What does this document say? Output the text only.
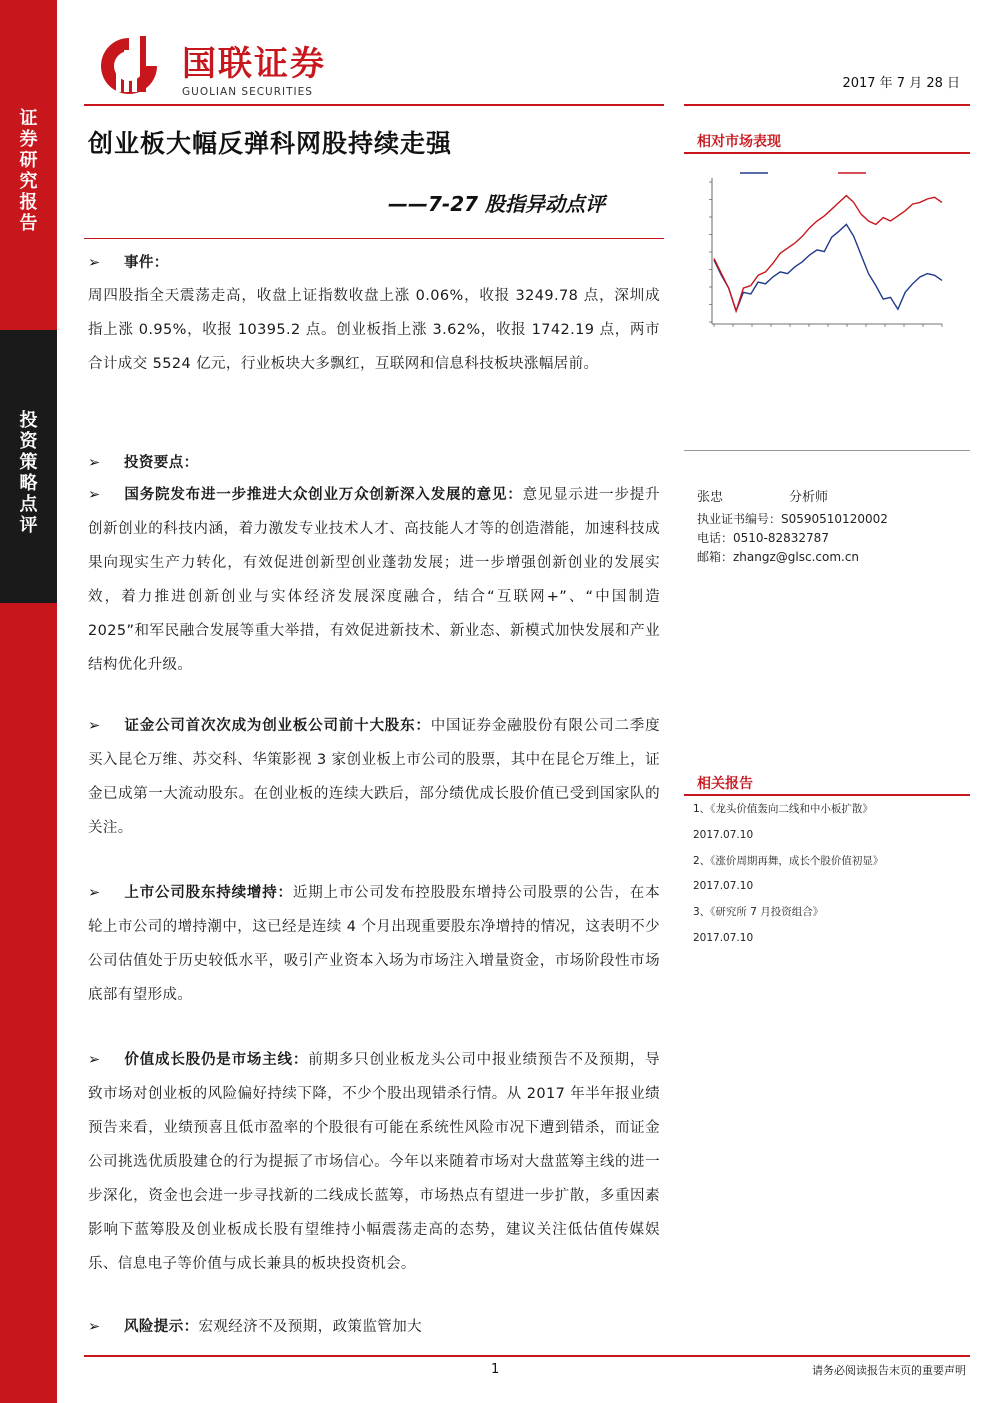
证
券
研
究
报
告
投
资
策
略
点
评
国联证券
GUOLIAN SECURITIES
2017 年 7 月 28 日
创业板大幅反弹科网股持续走强
——7-27 股指异动点评
➢ 事件：
周四股指全天震荡走高，收盘上证指数收盘上涨 0.06%，收报 3249.78 点，深圳成指上涨 0.95%，收报 10395.2 点。创业板指上涨 3.62%，收报 1742.19 点，两市合计成交 5524 亿元，行业板块大多飘红，互联网和信息科技板块涨幅居前。
➢ 投资要点：
➢ 国务院发布进一步推进大众创业万众创新深入发展的意见：意见显示进一步提升创新创业的科技内涵，着力激发专业技术人才、高技能人才等的创造潜能，加速科技成果向现实生产力转化，有效促进创新型创业蓬勃发展；进一步增强创新创业的发展实效，着力推进创新创业与实体经济发展深度融合，结合“互联网+”、“中国制造 2025”和军民融合发展等重大举措，有效促进新技术、新业态、新模式加快发展和产业结构优化升级。
➢ 证金公司首次次成为创业板公司前十大股东：中国证券金融股份有限公司二季度买入昆仑万维、苏交科、华策影视 3 家创业板上市公司的股票，其中在昆仑万维上，证金已成第一大流动股东。在创业板的连续大跌后，部分绩优成长股价值已受到国家队的关注。
➢ 上市公司股东持续增持：近期上市公司发布控股股东增持公司股票的公告，在本轮上市公司的增持潮中，这已经是连续 4 个月出现重要股东净增持的情况，这表明不少公司估值处于历史较低水平，吸引产业资本入场为市场注入增量资金，市场阶段性市场底部有望形成。
➢ 价值成长股仍是市场主线：前期多只创业板龙头公司中报业绩预告不及预期，导致市场对创业板的风险偏好持续下降，不少个股出现错杀行情。从 2017 年半年报业绩预告来看，业绩预喜且低市盈率的个股很有可能在系统性风险市况下遭到错杀，而证金公司挑选优质股建仓的行为提振了市场信心。今年以来随着市场对大盘蓝筹主线的进一步深化，资金也会进一步寻找新的二线成长蓝筹，市场热点有望进一步扩散，多重因素影响下蓝筹股及创业板成长股有望维持小幅震荡走高的态势，建议关注低估值传媒娱乐、信息电子等价值与成长兼具的板块投资机会。
➢ 风险提示：宏观经济不及预期，政策监管加大
相对市场表现
张忠	分析师
执业证书编号：S0590510120002
电话：0510-82832787
邮箱：zhangz@glsc.com.cn
相关报告
1、《龙头价值轰向二线和中小板扩散》
2017.07.10
2、《涨价周期再舞，成长个股价值初显》
2017.07.10
3、《研究所 7 月投资组合》
2017.07.10
1	请务必阅读报告末页的重要声明
